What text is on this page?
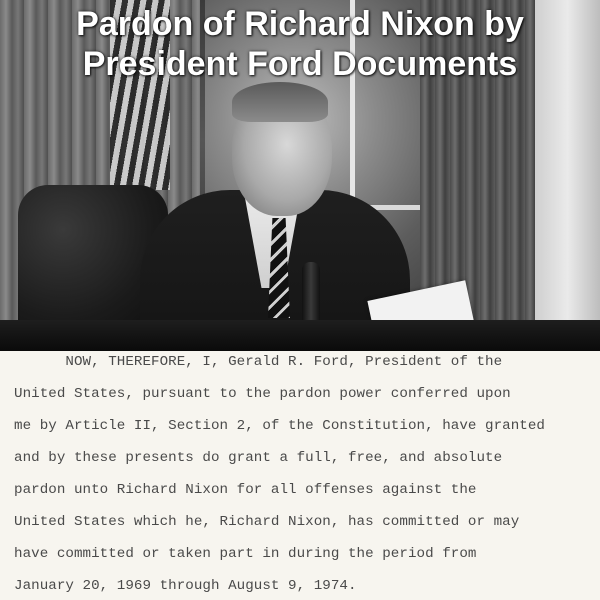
Pardon of Richard Nixon by
President Ford Documents
NOW, THEREFORE, I, Gerald R. Ford, President of the
United States, pursuant to the pardon power conferred upon
me by Article II, Section 2, of the Constitution, have granted
and by these presents do grant a full, free, and absolute
pardon unto Richard Nixon for all offenses against the
United States which he, Richard Nixon, has committed or may
have committed or taken part in during the period from
January 20, 1969 through August 9, 1974.
